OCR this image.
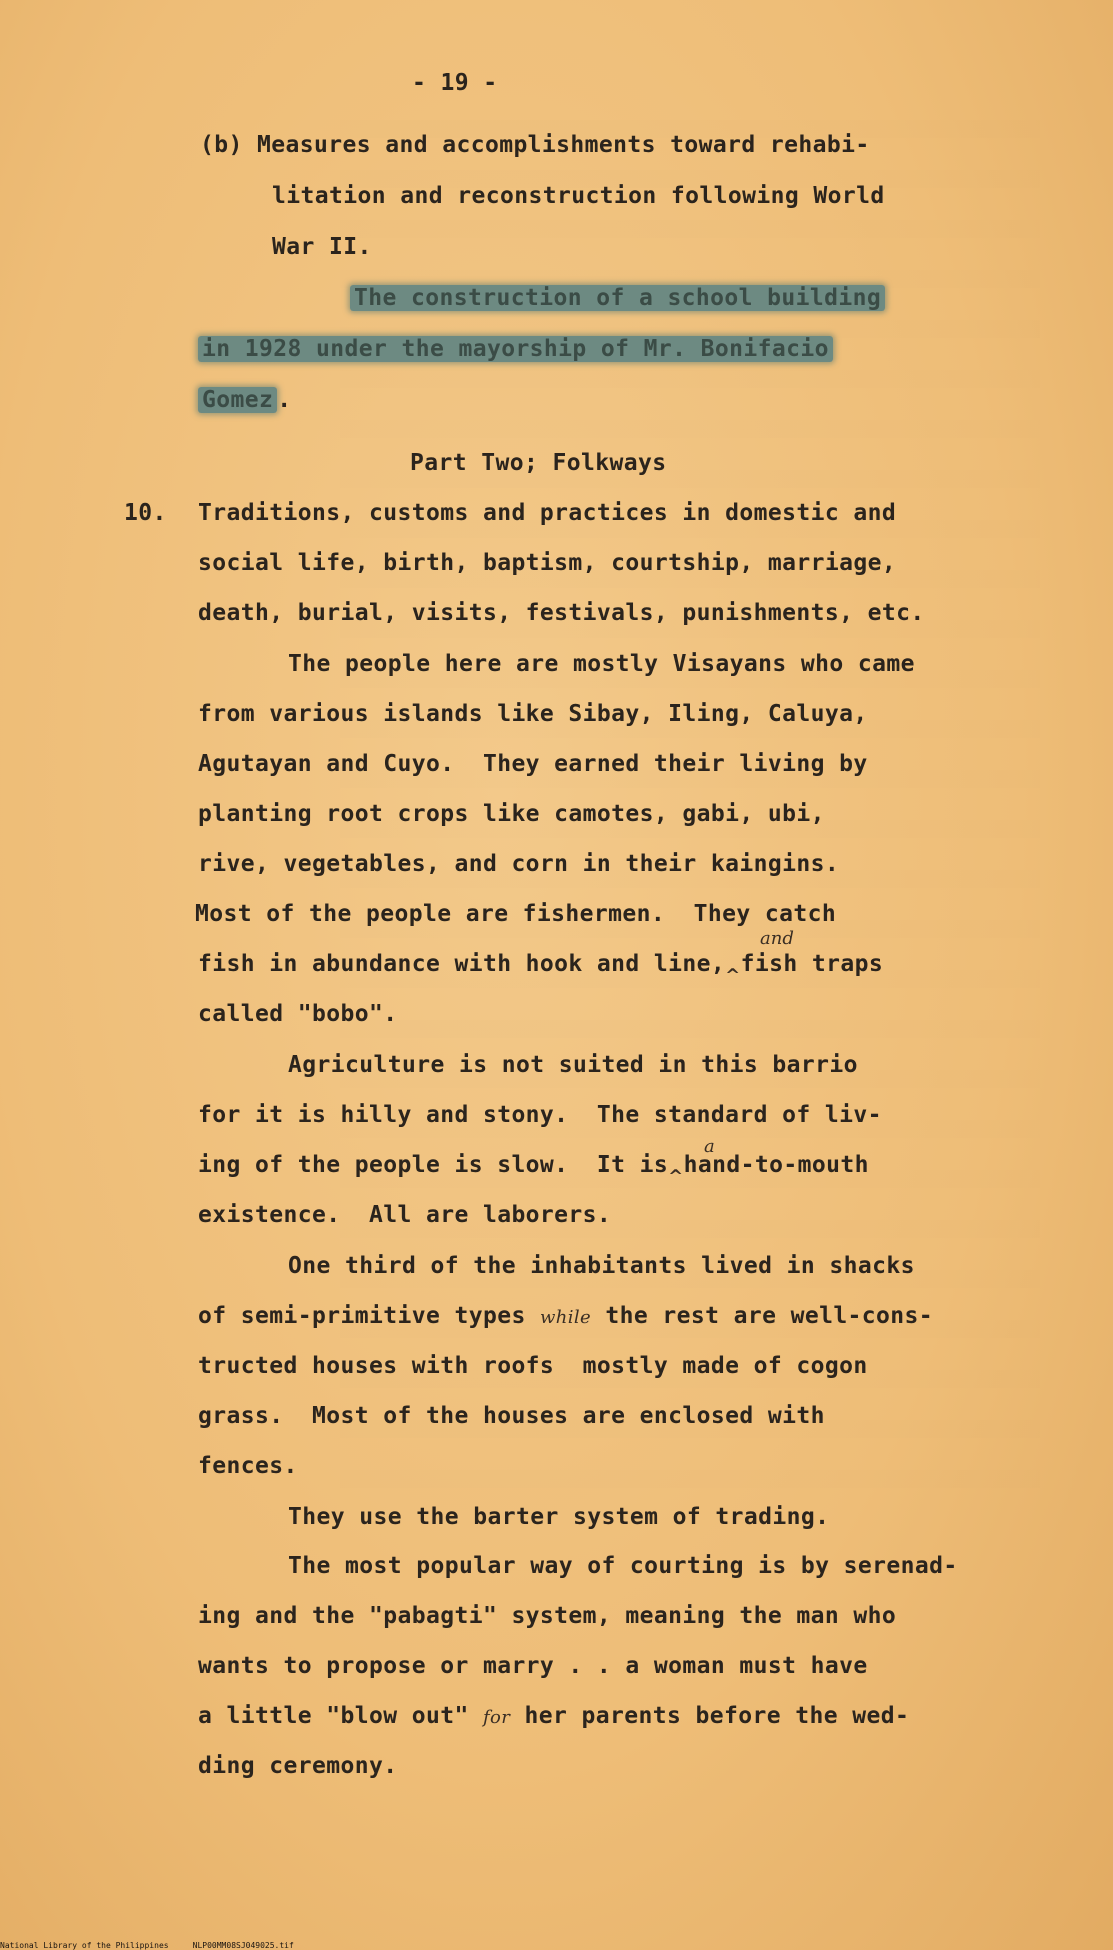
- 19 -
(b) Measures and accomplishments toward rehabi-
litation and reconstruction following World
War II.
The construction of a school building
in 1928 under the mayorship of Mr. Bonifacio
Gomez .
Part Two; Folkways
10. Traditions, customs and practices in domestic and
social life, birth, baptism, courtship, marriage,
death, burial, visits, festivals, punishments, etc.
The people here are mostly Visayans who came
from various islands like Sibay, Iling, Caluya,
Agutayan and Cuyo.  They earned their living by
planting root crops like camotes, gabi, ubi,
rive, vegetables, and corn in their kaingins.
Most of the people are fishermen.  They catch
and
fish in abundance with hook and $line,_{\^{}}fish$ traps
called "bobo".
Agriculture is not suited in this barrio
for it is hilly and stony.  The standard of liv-
a
ing of the people is slow.  It $is_{\^{}}hand-to$-mouth
existence.  All are laborers.
One third of the inhabitants lived in shacks
of semi-primitive types while the rest are well-cons-
tructed houses with roofs  mostly made of cogon
grass.  Most of the houses are enclosed with
fences.
They use the barter system of trading.
The most popular way of courting is by serenad-
ing and the "pabagti" system, meaning the man who
wants to propose or marry . . a woman must have
a little "blow out" for her parents before the wed-
ding ceremony.
National Library of the Philippines     NLP00MM08SJ049025.tif
